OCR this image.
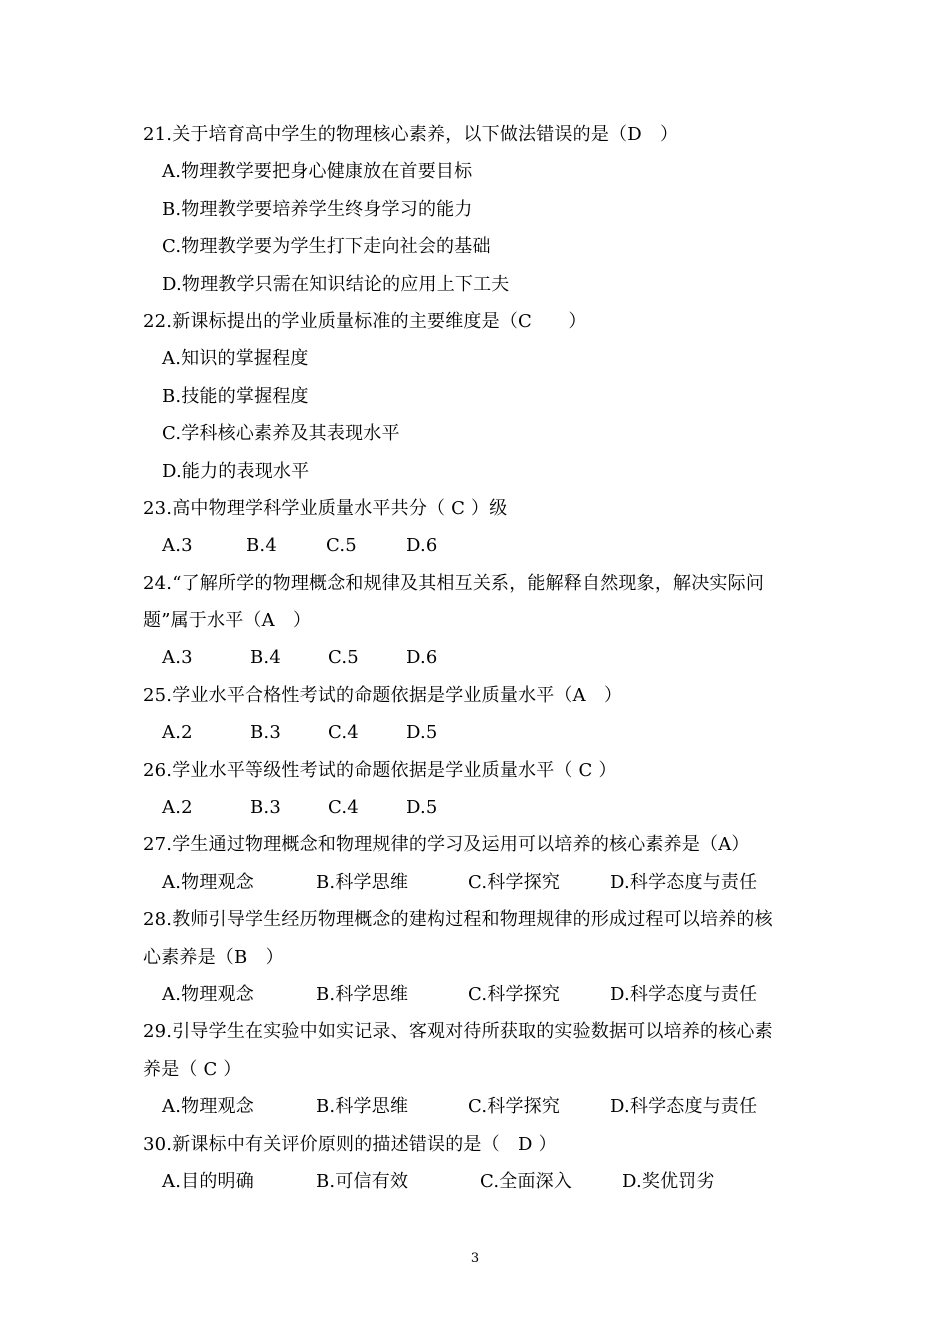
21.关于培育高中学生的物理核心素养，以下做法错误的是（D　）
A.物理教学要把身心健康放在首要目标
B.物理教学要培养学生终身学习的能力
C.物理教学要为学生打下走向社会的基础
D.物理教学只需在知识结论的应用上下工夫
22.新课标提出的学业质量标准的主要维度是（C　　）
A.知识的掌握程度
B.技能的掌握程度
C.学科核心素养及其表现水平
D.能力的表现水平
23.高中物理学科学业质量水平共分（ C ）级
A.3	B.4	C.5	D.6
24.“了解所学的物理概念和规律及其相互关系，能解释自然现象，解决实际问
题”属于水平（A　）
A.3	B.4	C.5	D.6
25.学业水平合格性考试的命题依据是学业质量水平（A　）
A.2	B.3	C.4	D.5
26.学业水平等级性考试的命题依据是学业质量水平（ C ）
A.2	B.3	C.4	D.5
27.学生通过物理概念和物理规律的学习及运用可以培养的核心素养是（A）
A.物理观念	B.科学思维	C.科学探究	D.科学态度与责任
28.教师引导学生经历物理概念的建构过程和物理规律的形成过程可以培养的核
心素养是（B　）
A.物理观念	B.科学思维	C.科学探究	D.科学态度与责任
29.引导学生在实验中如实记录、客观对待所获取的实验数据可以培养的核心素
养是（ C ）
A.物理观念	B.科学思维	C.科学探究	D.科学态度与责任
30.新课标中有关评价原则的描述错误的是（　D ）
A.目的明确	B.可信有效	C.全面深入	D.奖优罚劣
3
